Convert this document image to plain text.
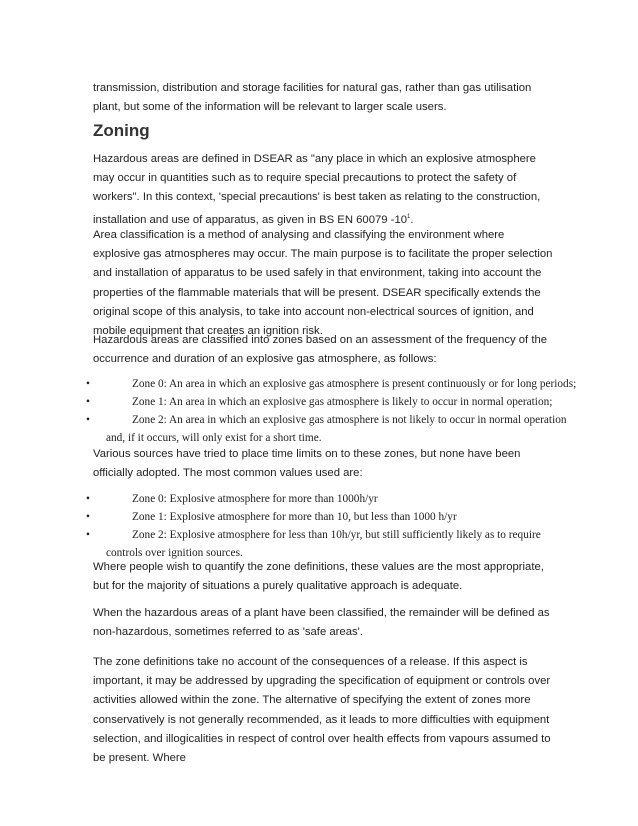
transmission, distribution and storage facilities for natural gas, rather than gas utilisation plant, but some of the information will be relevant to larger scale users.

Zoning

Hazardous areas are defined in DSEAR as "any place in which an explosive atmosphere may occur in quantities such as to require special precautions to protect the safety of workers". In this context, 'special precautions' is best taken as relating to the construction, installation and use of apparatus, as given in BS EN 60079 -10$^1$.

Area classification is a method of analysing and classifying the environment where explosive gas atmospheres may occur. The main purpose is to facilitate the proper selection and installation of apparatus to be used safely in that environment, taking into account the properties of the flammable materials that will be present. DSEAR specifically extends the original scope of this analysis, to take into account non-electrical sources of ignition, and mobile equipment that creates an ignition risk.

Hazardous areas are classified into zones based on an assessment of the frequency of the occurrence and duration of an explosive gas atmosphere, as follows:

•	Zone 0: An area in which an explosive gas atmosphere is present continuously or for long periods;
•	Zone 1: An area in which an explosive gas atmosphere is likely to occur in normal operation;
•	Zone 2: An area in which an explosive gas atmosphere is not likely to occur in normal operation
and, if it occurs, will only exist for a short time.

Various sources have tried to place time limits on to these zones, but none have been officially adopted. The most common values used are:

•	Zone 0: Explosive atmosphere for more than 1000h/yr
•	Zone 1: Explosive atmosphere for more than 10, but less than 1000 h/yr
•	Zone 2: Explosive atmosphere for less than 10h/yr, but still sufficiently likely as to require
controls over ignition sources.

Where people wish to quantify the zone definitions, these values are the most appropriate, but for the majority of situations a purely qualitative approach is adequate.

When the hazardous areas of a plant have been classified, the remainder will be defined as non-hazardous, sometimes referred to as 'safe areas'.

The zone definitions take no account of the consequences of a release. If this aspect is important, it may be addressed by upgrading the specification of equipment or controls over activities allowed within the zone. The alternative of specifying the extent of zones more conservatively is not generally recommended, as it leads to more difficulties with equipment selection, and illogicalities in respect of control over health effects from vapours assumed to be present. Where
